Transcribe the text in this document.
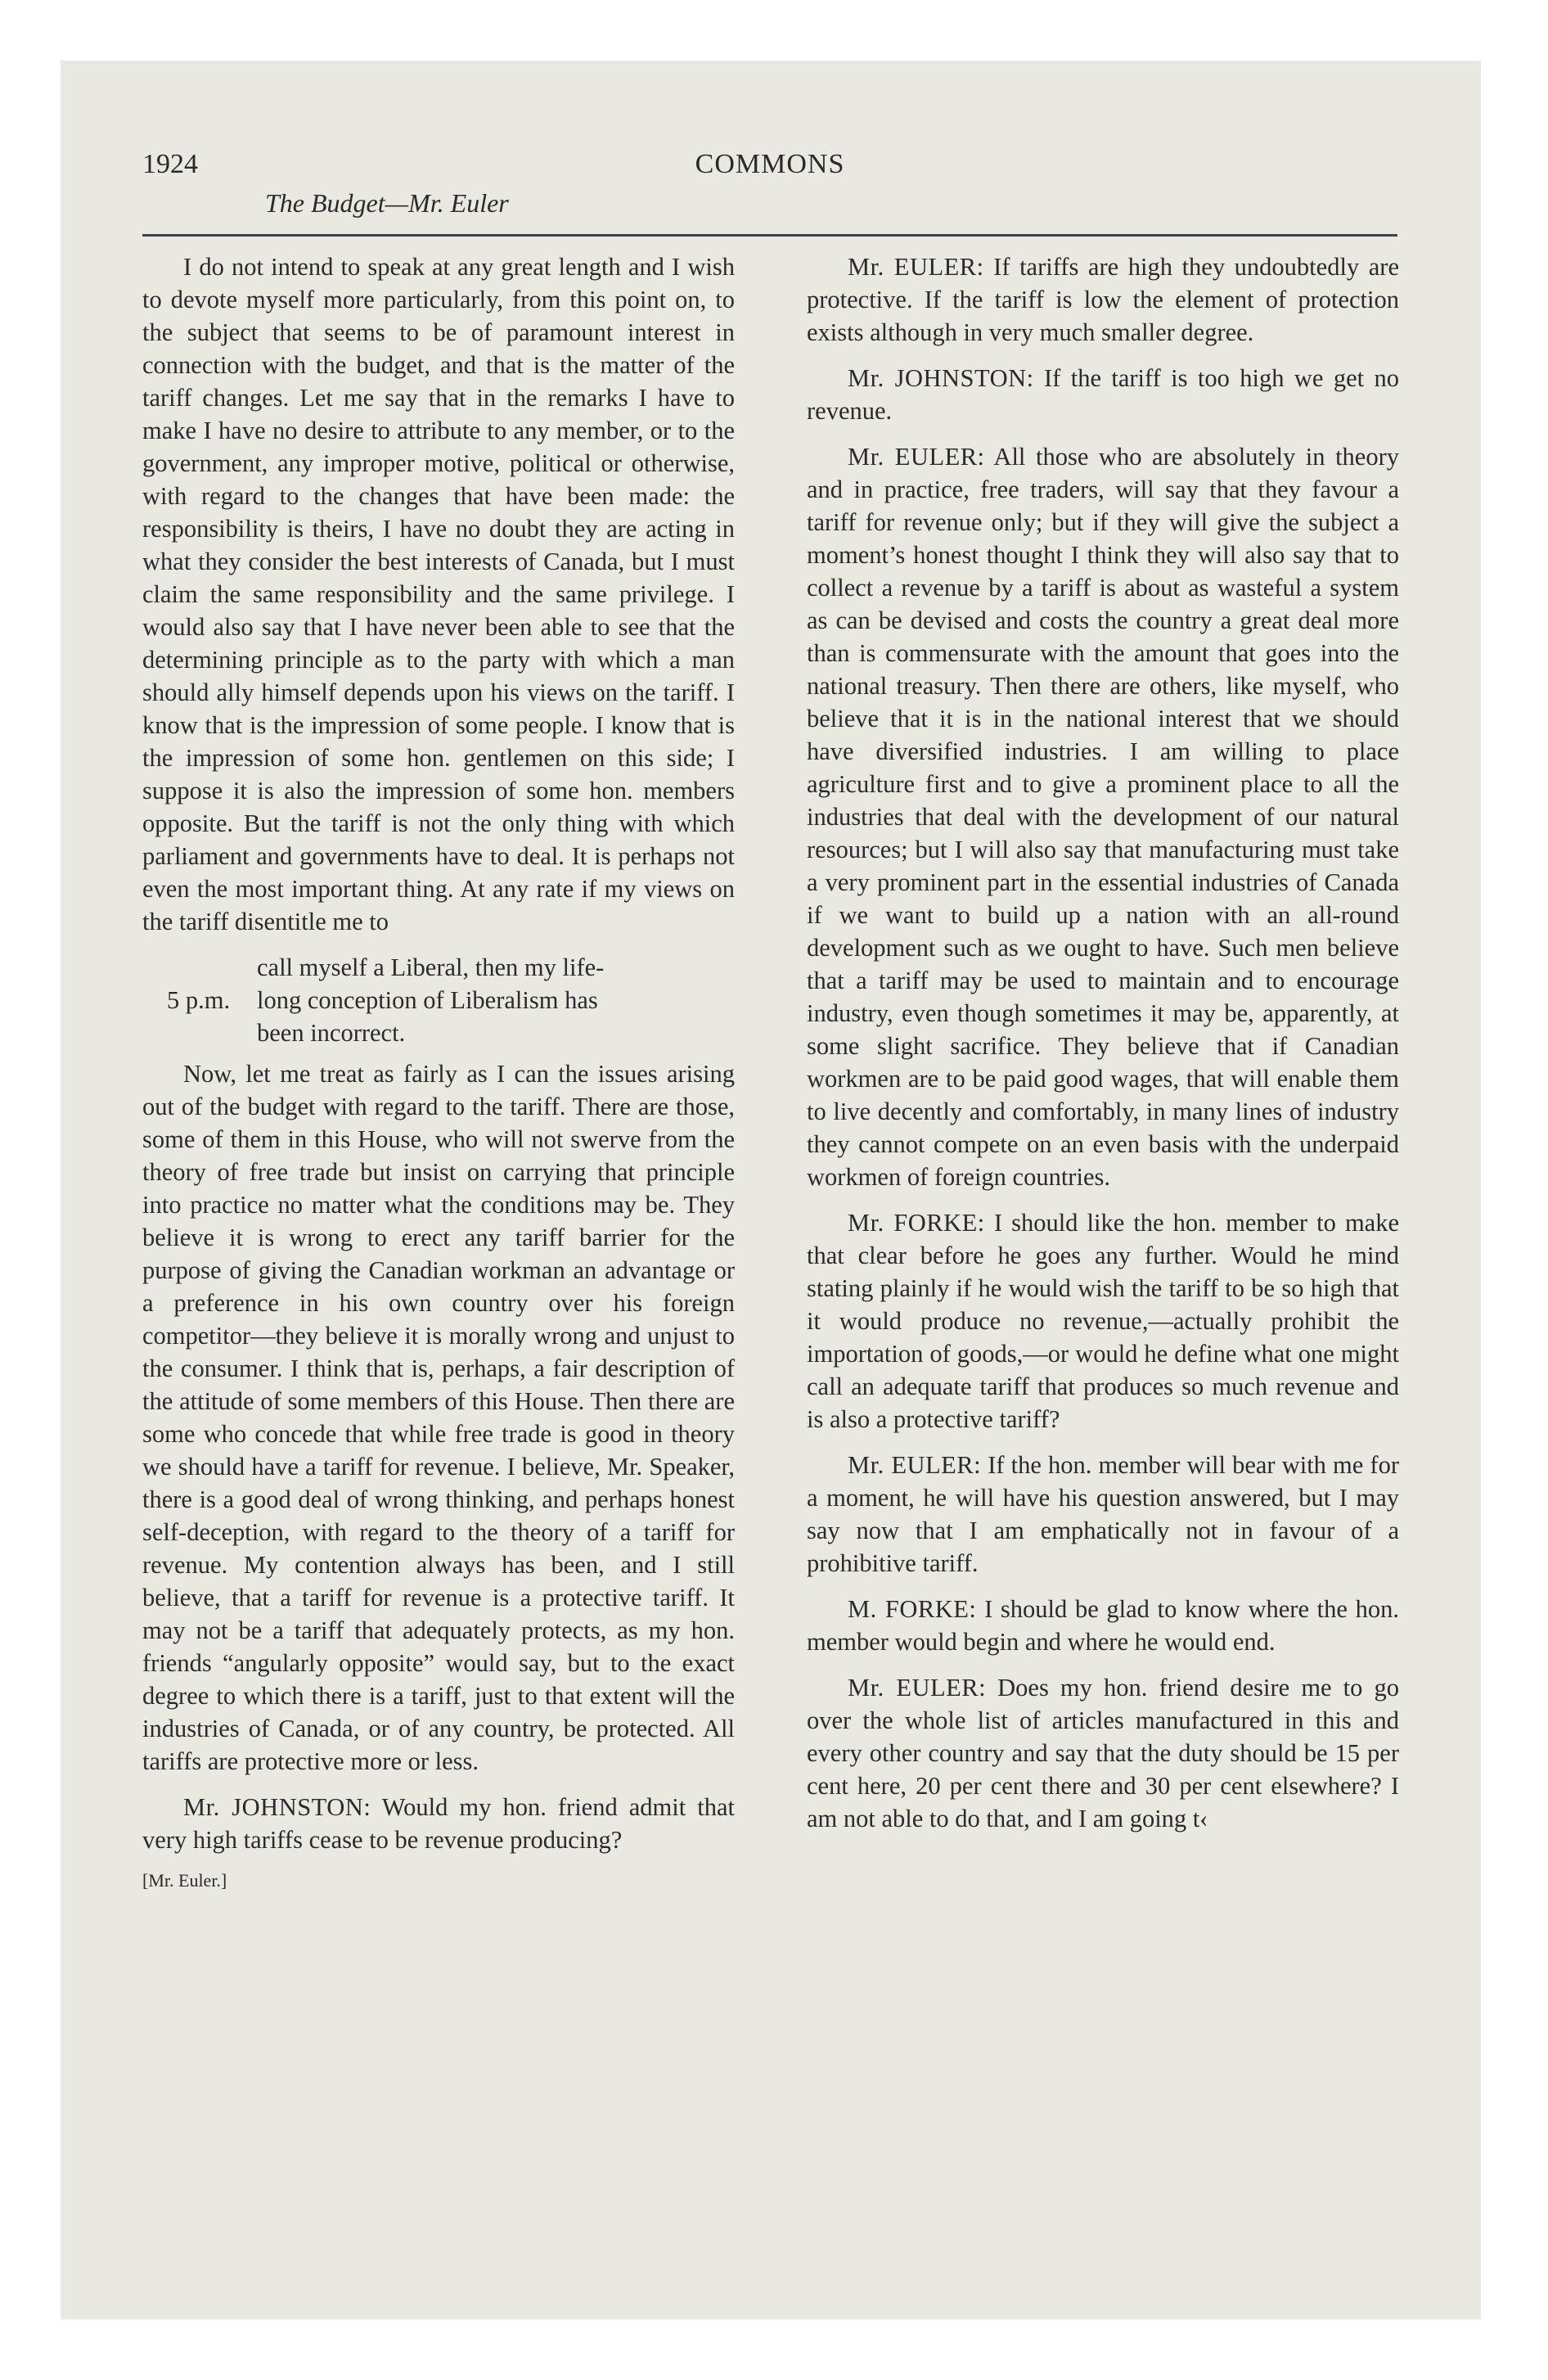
1924	COMMONS
The Budget—Mr. Euler

I do not intend to speak at any great length and I wish to devote myself more particularly, from this point on, to the subject that seems to be of paramount interest in connection with the budget, and that is the matter of the tariff changes. Let me say that in the remarks I have to make I have no desire to attribute to any member, or to the government, any improper motive, political or otherwise, with regard to the changes that have been made: the responsibility is theirs, I have no doubt they are acting in what they consider the best interests of Canada, but I must claim the same responsibility and the same privilege. I would also say that I have never been able to see that the determining principle as to the party with which a man should ally himself depends upon his views on the tariff. I know that is the impression of some people. I know that is the impression of some hon. gentlemen on this side; I suppose it is also the impression of some hon. members opposite. But the tariff is not the only thing with which parliament and governments have to deal. It is perhaps not even the most important thing. At any rate if my views on the tariff disentitle me to

5 p.m.
call myself a Liberal, then my life-
long conception of Liberalism has
been incorrect.

Now, let me treat as fairly as I can the issues arising out of the budget with regard to the tariff. There are those, some of them in this House, who will not swerve from the theory of free trade but insist on carrying that principle into practice no matter what the conditions may be. They believe it is wrong to erect any tariff barrier for the purpose of giving the Canadian workman an advantage or a preference in his own country over his foreign competitor—they believe it is morally wrong and unjust to the consumer. I think that is, perhaps, a fair description of the attitude of some members of this House. Then there are some who concede that while free trade is good in theory we should have a tariff for revenue. I believe, Mr. Speaker, there is a good deal of wrong thinking, and perhaps honest self-deception, with regard to the theory of a tariff for revenue. My contention always has been, and I still believe, that a tariff for revenue is a protective tariff. It may not be a tariff that adequately protects, as my hon. friends “angularly opposite” would say, but to the exact degree to which there is a tariff, just to that extent will the industries of Canada, or of any country, be protected. All tariffs are protective more or less.

Mr. JOHNSTON: Would my hon. friend admit that very high tariffs cease to be revenue producing?

[Mr. Euler.]

Mr. EULER: If tariffs are high they undoubtedly are protective. If the tariff is low the element of protection exists although in very much smaller degree.

Mr. JOHNSTON: If the tariff is too high we get no revenue.

Mr. EULER: All those who are absolutely in theory and in practice, free traders, will say that they favour a tariff for revenue only; but if they will give the subject a moment’s honest thought I think they will also say that to collect a revenue by a tariff is about as wasteful a system as can be devised and costs the country a great deal more than is commensurate with the amount that goes into the national treasury. Then there are others, like myself, who believe that it is in the national interest that we should have diversified industries. I am willing to place agriculture first and to give a prominent place to all the industries that deal with the development of our natural resources; but I will also say that manufacturing must take a very prominent part in the essential industries of Canada if we want to build up a nation with an all-round development such as we ought to have. Such men believe that a tariff may be used to maintain and to encourage industry, even though sometimes it may be, apparently, at some slight sacrifice. They believe that if Canadian workmen are to be paid good wages, that will enable them to live decently and comfortably, in many lines of industry they cannot compete on an even basis with the underpaid workmen of foreign countries.

Mr. FORKE: I should like the hon. member to make that clear before he goes any further. Would he mind stating plainly if he would wish the tariff to be so high that it would produce no revenue,—actually prohibit the importation of goods,—or would he define what one might call an adequate tariff that produces so much revenue and is also a protective tariff?

Mr. EULER: If the hon. member will bear with me for a moment, he will have his question answered, but I may say now that I am emphatically not in favour of a prohibitive tariff.

M. FORKE: I should be glad to know where the hon. member would begin and where he would end.

Mr. EULER: Does my hon. friend desire me to go over the whole list of articles manufactured in this and every other country and say that the duty should be 15 per cent here, 20 per cent there and 30 per cent elsewhere? I am not able to do that, and I am going t‹
